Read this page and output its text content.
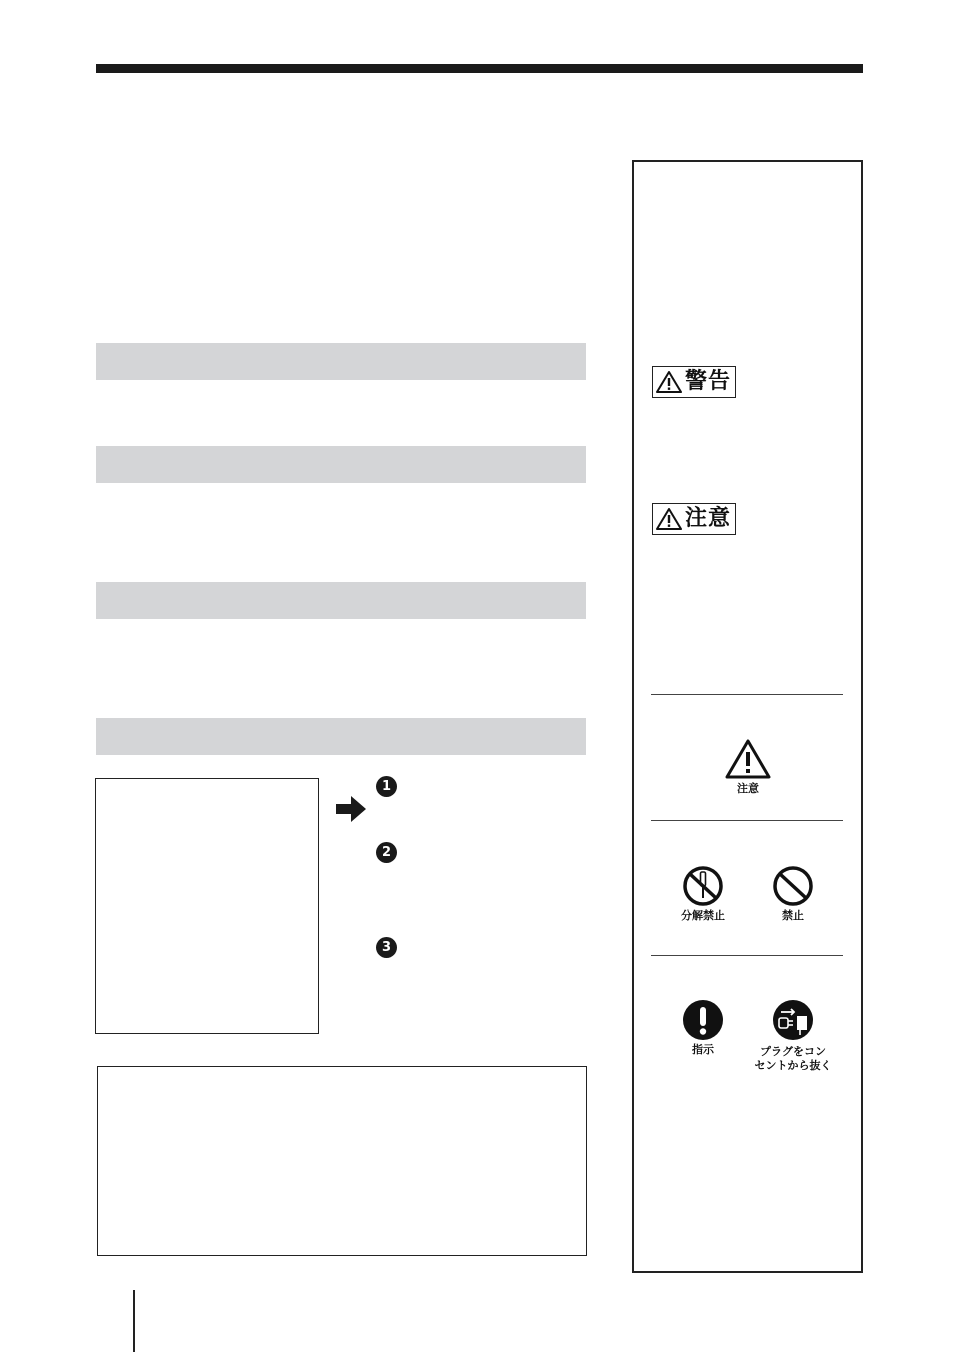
1
2
3
警告
注意
注意
分解禁止	禁止
指示	プラグをコン
セントから抜く
